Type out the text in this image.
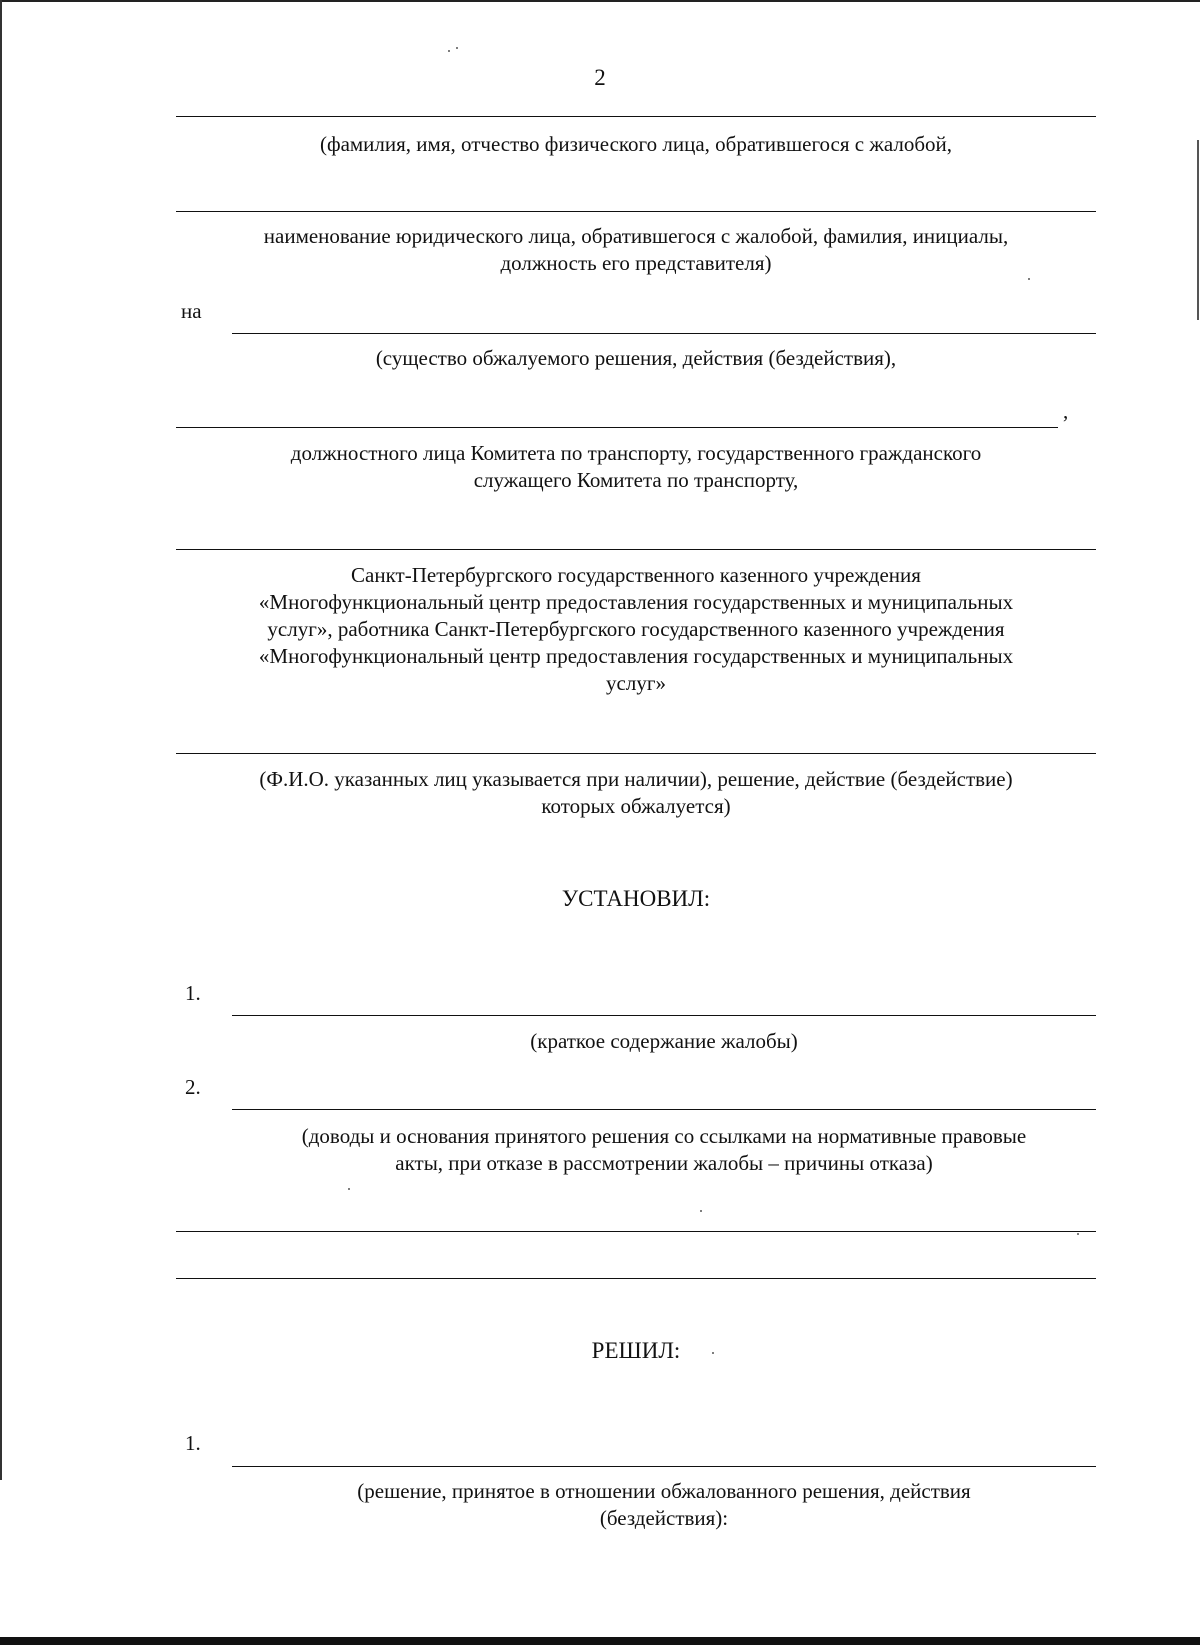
2
(фамилия, имя, отчество физического лица, обратившегося с жалобой,
наименование юридического лица, обратившегося с жалобой, фамилия, инициалы,
должность его представителя)
на
(существо обжалуемого решения, действия (бездействия),
,
должностного лица Комитета по транспорту, государственного гражданского
служащего Комитета по транспорту,
Санкт-Петербургского государственного казенного учреждения
«Многофункциональный центр предоставления государственных и муниципальных
услуг», работника Санкт-Петербургского государственного казенного учреждения
«Многофункциональный центр предоставления государственных и муниципальных
услуг»
(Ф.И.О. указанных лиц указывается при наличии), решение, действие (бездействие)
которых обжалуется)
УСТАНОВИЛ:
1.
(краткое содержание жалобы)
2.
(доводы и основания принятого решения со ссылками на нормативные правовые
акты, при отказе в рассмотрении жалобы – причины отказа)
РЕШИЛ:
1.
(решение, принятое в отношении обжалованного решения, действия
(бездействия):
